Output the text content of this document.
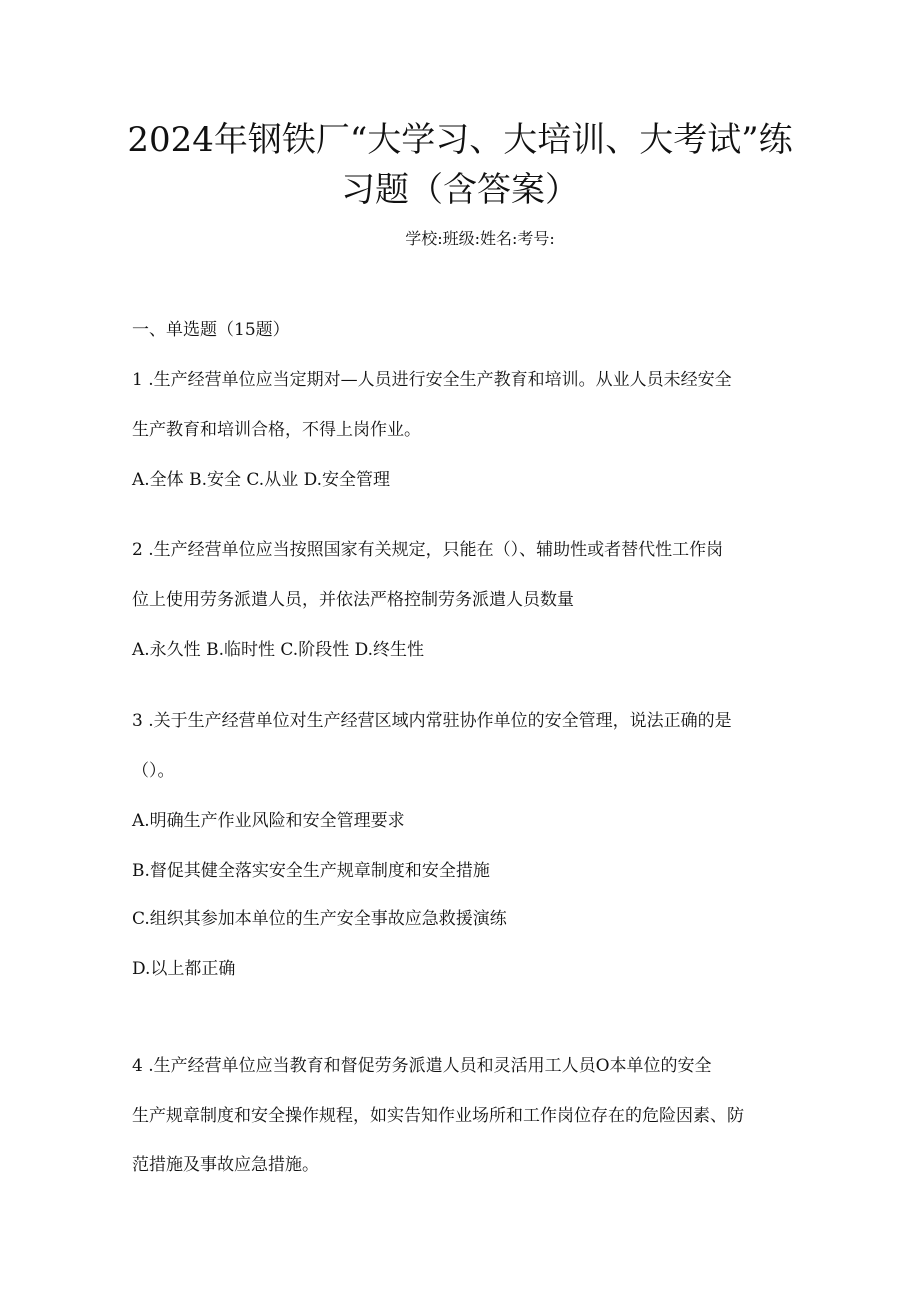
2024年钢铁厂“大学习、大培训、大考试”练
习题（含答案）
学校:班级:姓名:考号:
一、单选题（15题）
1 .生产经营单位应当定期对—人员进行安全生产教育和培训。从业人员未经安全
生产教育和培训合格，不得上岗作业。
A.全体 B.安全 C.从业 D.安全管理
2 .生产经营单位应当按照国家有关规定，只能在（）、辅助性或者替代性工作岗
位上使用劳务派遣人员，并依法严格控制劳务派遣人员数量
A.永久性 B.临时性 C.阶段性 D.终生性
3 .关于生产经营单位对生产经营区域内常驻协作单位的安全管理，说法正确的是
（）。
A.明确生产作业风险和安全管理要求
B.督促其健全落实安全生产规章制度和安全措施
C.组织其参加本单位的生产安全事故应急救援演练
D.以上都正确
4 .生产经营单位应当教育和督促劳务派遣人员和灵活用工人员O本单位的安全
生产规章制度和安全操作规程，如实告知作业场所和工作岗位存在的危险因素、防
范措施及事故应急措施。
